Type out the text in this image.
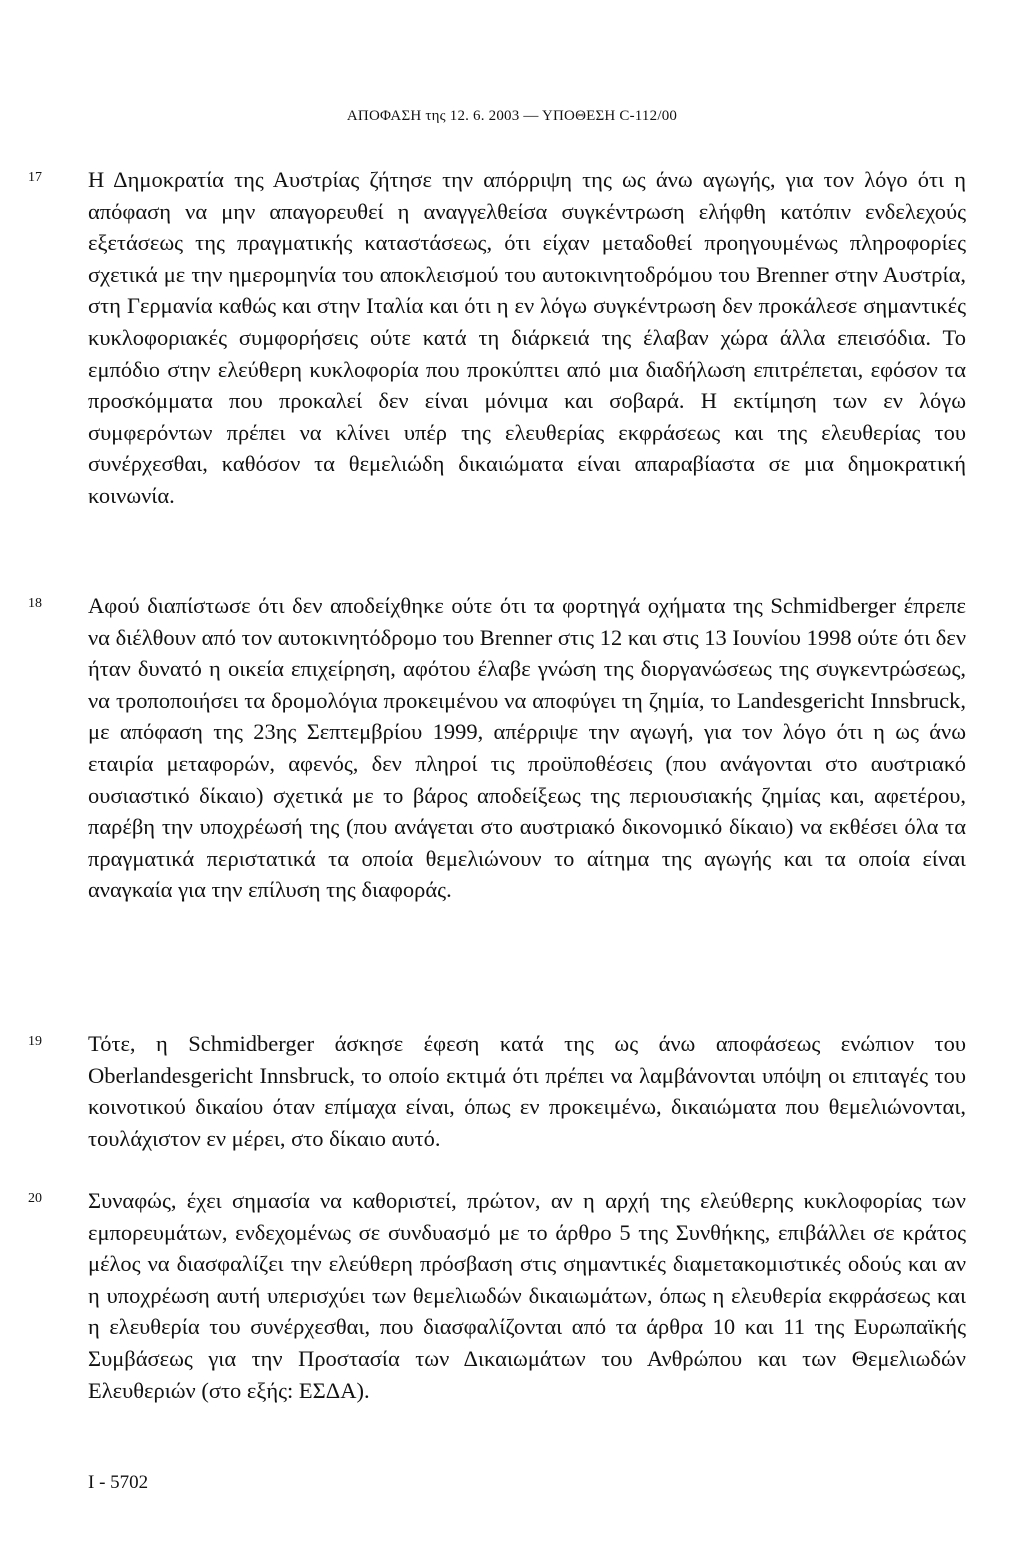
ΑΠΟΦΑΣΗ της 12. 6. 2003 — ΥΠΟΘΕΣΗ C-112/00
17 Η Δημοκρατία της Αυστρίας ζήτησε την απόρριψη της ως άνω αγωγής, για τον λόγο ότι η απόφαση να μην απαγορευθεί η αναγγελθείσα συγκέντρωση ελήφθη κατόπιν ενδελεχούς εξετάσεως της πραγματικής καταστάσεως, ότι είχαν μεταδοθεί προηγουμένως πληροφορίες σχετικά με την ημερομηνία του αποκλεισμού του αυτοκινητοδρόμου του Brenner στην Αυστρία, στη Γερμανία καθώς και στην Ιταλία και ότι η εν λόγω συγκέντρωση δεν προκάλεσε σημαντικές κυκλοφοριακές συμφορήσεις ούτε κατά τη διάρκειά της έλαβαν χώρα άλλα επεισόδια. Το εμπόδιο στην ελεύθερη κυκλοφορία που προκύπτει από μια διαδήλωση επιτρέπεται, εφόσον τα προσκόμματα που προκαλεί δεν είναι μόνιμα και σοβαρά. Η εκτίμηση των εν λόγω συμφερόντων πρέπει να κλίνει υπέρ της ελευθερίας εκφράσεως και της ελευθερίας του συνέρχεσθαι, καθόσον τα θεμελιώδη δικαιώματα είναι απαραβίαστα σε μια δημοκρατική κοινωνία.
18 Αφού διαπίστωσε ότι δεν αποδείχθηκε ούτε ότι τα φορτηγά οχήματα της Schmidberger έπρεπε να διέλθουν από τον αυτοκινητόδρομο του Brenner στις 12 και στις 13 Ιουνίου 1998 ούτε ότι δεν ήταν δυνατό η οικεία επιχείρηση, αφότου έλαβε γνώση της διοργανώσεως της συγκεντρώσεως, να τροποποιήσει τα δρομολόγια προκειμένου να αποφύγει τη ζημία, το Landesgericht Innsbruck, με απόφαση της 23ης Σεπτεμβρίου 1999, απέρριψε την αγωγή, για τον λόγο ότι η ως άνω εταιρία μεταφορών, αφενός, δεν πληροί τις προϋποθέσεις (που ανάγονται στο αυστριακό ουσιαστικό δίκαιο) σχετικά με το βάρος αποδείξεως της περιουσιακής ζημίας και, αφετέρου, παρέβη την υποχρέωσή της (που ανάγεται στο αυστριακό δικονομικό δίκαιο) να εκθέσει όλα τα πραγματικά περιστατικά τα οποία θεμελιώνουν το αίτημα της αγωγής και τα οποία είναι αναγκαία για την επίλυση της διαφοράς.
19 Τότε, η Schmidberger άσκησε έφεση κατά της ως άνω αποφάσεως ενώπιον του Oberlandesgericht Innsbruck, το οποίο εκτιμά ότι πρέπει να λαμβάνονται υπόψη οι επιταγές του κοινοτικού δικαίου όταν επίμαχα είναι, όπως εν προκειμένω, δικαιώματα που θεμελιώνονται, τουλάχιστον εν μέρει, στο δίκαιο αυτό.
20 Συναφώς, έχει σημασία να καθοριστεί, πρώτον, αν η αρχή της ελεύθερης κυκλοφορίας των εμπορευμάτων, ενδεχομένως σε συνδυασμό με το άρθρο 5 της Συνθήκης, επιβάλλει σε κράτος μέλος να διασφαλίζει την ελεύθερη πρόσβαση στις σημαντικές διαμετακομιστικές οδούς και αν η υποχρέωση αυτή υπερισχύει των θεμελιωδών δικαιωμάτων, όπως η ελευθερία εκφράσεως και η ελευθερία του συνέρχεσθαι, που διασφαλίζονται από τα άρθρα 10 και 11 της Ευρωπαϊκής Συμβάσεως για την Προστασία των Δικαιωμάτων του Ανθρώπου και των Θεμελιωδών Ελευθεριών (στο εξής: ΕΣΔΑ).
I - 5702
